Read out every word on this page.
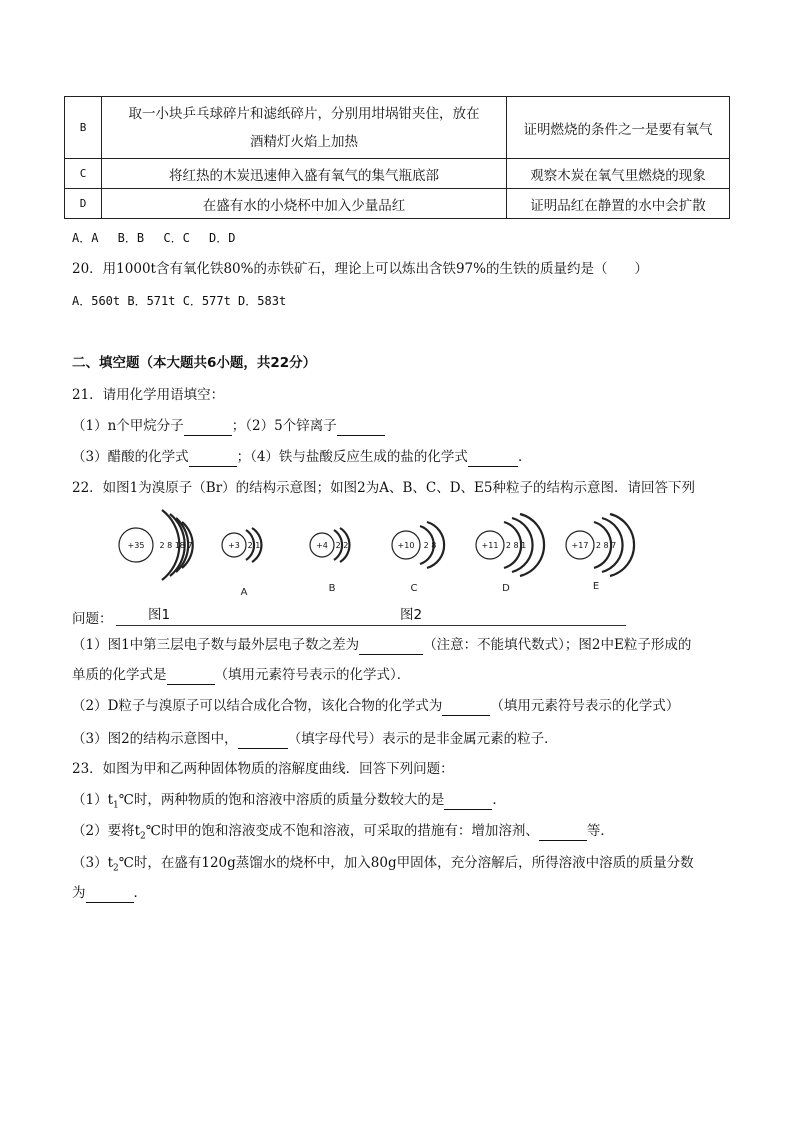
B	取一小块乒乓球碎片和滤纸碎片，分别用坩埚钳夹住，放在
酒精灯火焰上加热	证明燃烧的条件之一是要有氧气
C	将红热的木炭迅速伸入盛有氧气的集气瓶底部	观察木炭在氧气里燃烧的现象
D	在盛有水的小烧杯中加入少量品红	证明品红在静置的水中会扩散
A．A　 B．B　 C．C　 D．D
20．用1000t含有氧化铁80%的赤铁矿石，理论上可以炼出含铁97%的生铁的质量约是（　　）
A．560t B．571t C．577t D．583t
二、填空题（本大题共6小题，共22分）
21．请用化学用语填空：
（1）n个甲烷分子	；（2）5个锌离子
（3）醋酸的化学式	；（4）铁与盐酸反应生成的盐的化学式	．
22．如图1为溴原子（Br）的结构示意图；如图2为A、B、C、D、E5种粒子的结构示意图．请回答下列
+35 2 8 18 7	+3 2 1	+4 2 2	+10 2 8	+11 2 8 1	+17 2 8 7
A	B	C	D	E
问题：	图1	图2
（1）图1中第三层电子数与最外层电子数之差为	（注意：不能填代数式）；图2中E粒子形成的
单质的化学式是	（填用元素符号表示的化学式）．
（2）D粒子与溴原子可以结合成化合物，该化合物的化学式为	（填用元素符号表示的化学式）
（3）图2的结构示意图中，	（填字母代号）表示的是非金属元素的粒子．
23．如图为甲和乙两种固体物质的溶解度曲线．回答下列问题：
$(1)t_1℃$时，两种物质的饱和溶液中溶质的质量分数较大的是	．
（2）要将$t_2℃$时甲的饱和溶液变成不饱和溶液，可采取的措施有：增加溶剂、	等．
$(3)t_2℃$时，在盛有120g蒸馏水的烧杯中，加入80g甲固体，充分溶解后，所得溶液中溶质的质量分数
为	．
